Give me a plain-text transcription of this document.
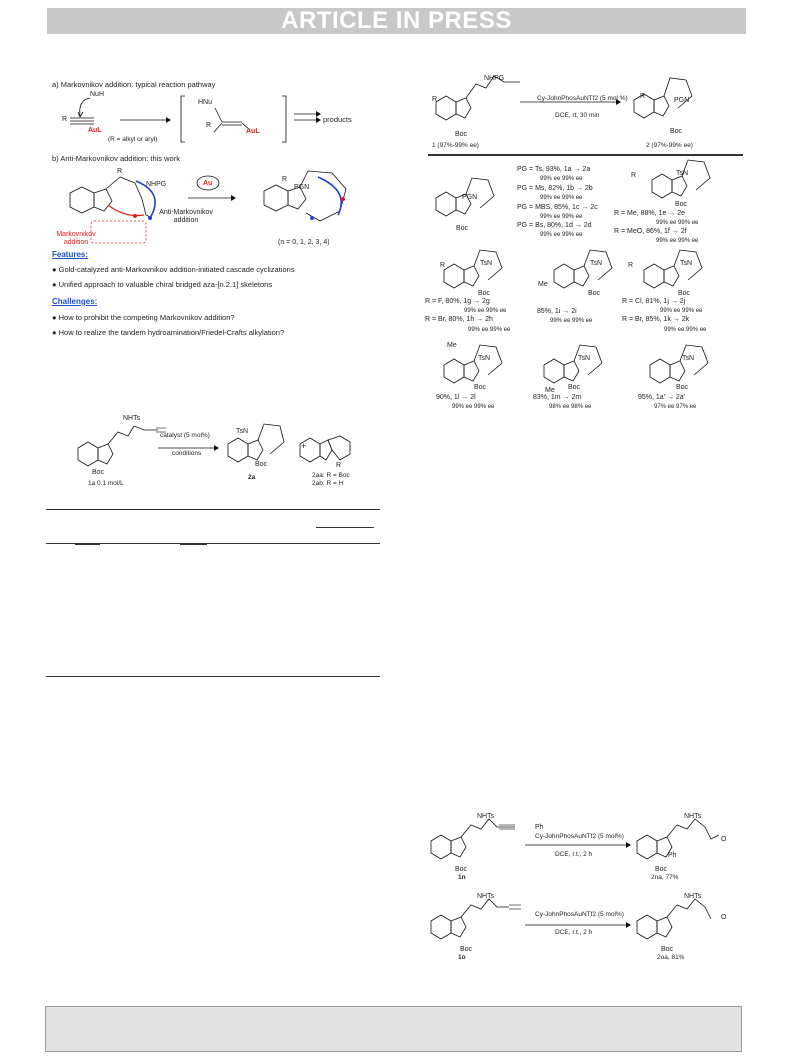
ARTICLE IN PRESS
a) Markovnikov addition: typical reaction pathway
NuH
R
AuL
(R = alkyl or aryl)
HNu
R
AuL
products
b) Anti-Markovnikov addition: this work
R
NHPG	Au
Markovnikov addition
Anti-Markovnikov addition
R
PGN
(n = 0, 1, 2, 3, 4)
Features:
● Gold-catalyzed anti-Markovnikov addition-initiated cascade cyclizations
● Unified approach to valuable chiral bridged aza-[n.2.1] skeletons
Challenges:
● How to prohibit the competing Markovnikov addition?
● How to realize the tandem hydroamination/Friedel-Crafts alkylation?
NHTs
catalyst (5 mol%)
conditions
TsN
+
Boc
Boc	R
1a 0.1 mol/L
2a	2aa: R = Boc
2ab: R = H
NHPG
R	Cy-JohnPhosAuNTf2 (5 mol %)
DCE, rt, 30 min
R
PGN
Boc	Boc
1 (97%-99% ee)	2 (97%-99% ee)
PGN
Boc
PG = Ts, 93%, 1a → 2a
99% ee 99% ee
PG = Ms, 82%, 1b → 2b
99% ee 99% ee
PG = MBS, 85%, 1c → 2c
99% ee 99% ee
PG = Bs, 80%, 1d → 2d
99% ee 99% ee
R	TsN
Boc
R = Me, 88%, 1e → 2e
99% ee 99% ee
R = MeO, 86%, 1f → 2f
99% ee 99% ee
R	TsN
Me
TsN	R	TsN
Boc	Boc	Boc
R = F, 80%, 1g → 2g
99% ee 99% ee
R = Br, 80%, 1h → 2h
99% ee 99% ee
85%, 1i → 2i
99% ee 99% ee
R = Cl, 81%, 1j → 2j
99% ee 99% ee
R = Br, 85%, 1k → 2k
99% ee 99% ee
Me
TsN	TsN	TsN
Boc	Me Boc	Boc
90%, 1l → 2l
99% ee 99% ee
83%, 1m → 2m
98% ee 98% ee
95%, 1a' → 2a'
97% ee 97% ee
NHTs
Ph
Cy-JohnPhosAuNTf2 (5 mol%)
DCE, r.t., 2 h
NHTs
O
Ph
Boc
1n
Boc
2na, 77%
NHTs
Cy-JohnPhosAuNTf2 (5 mol%)
DCE, r.t., 2 h
NHTs
O
Boc
1o
Boc
2oa, 81%
